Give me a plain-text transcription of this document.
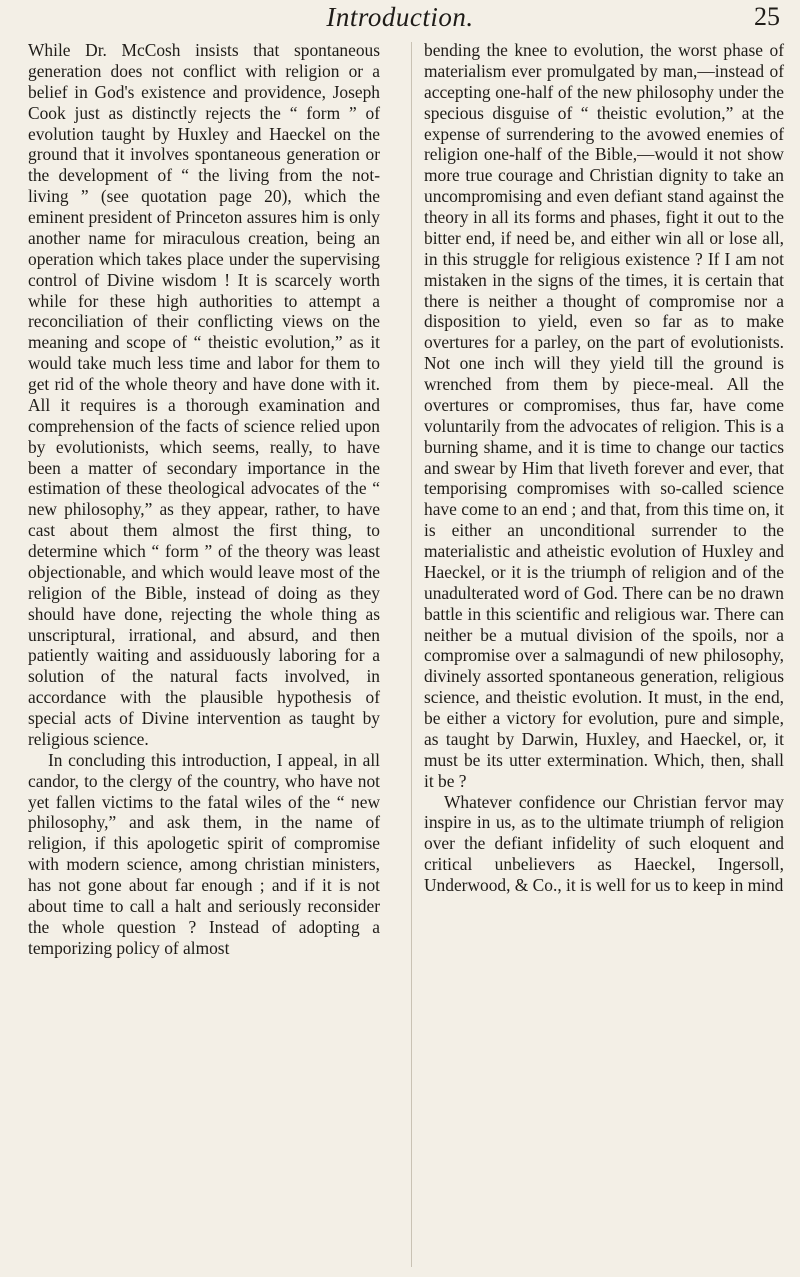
Introduction.	25

While Dr. McCosh insists that spontaneous generation does not conflict with religion or a belief in God's existence and providence, Joseph Cook just as distinctly rejects the “ form ” of evolution taught by Huxley and Haeckel on the ground that it involves spontaneous generation or the development of “ the living from the not-living ” (see quotation page 20), which the eminent president of Princeton assures him is only another name for miraculous creation, being an operation which takes place under the supervising control of Divine wisdom ! It is scarcely worth while for these high authorities to attempt a reconciliation of their conflicting views on the meaning and scope of “ theistic evolution,” as it would take much less time and labor for them to get rid of the whole theory and have done with it. All it requires is a thorough examination and comprehension of the facts of science relied upon by evolutionists, which seems, really, to have been a matter of secondary importance in the estimation of these theological advocates of the “ new philosophy,” as they appear, rather, to have cast about them almost the first thing, to determine which “ form ” of the theory was least objectionable, and which would leave most of the religion of the Bible, instead of doing as they should have done, rejecting the whole thing as unscriptural, irrational, and absurd, and then patiently waiting and assiduously laboring for a solution of the natural facts involved, in accordance with the plausible hypothesis of special acts of Divine intervention as taught by religious science.

In concluding this introduction, I appeal, in all candor, to the clergy of the country, who have not yet fallen victims to the fatal wiles of the “ new philosophy,” and ask them, in the name of religion, if this apologetic spirit of compromise with modern science, among christian ministers, has not gone about far enough ; and if it is not about time to call a halt and seriously reconsider the whole question ? Instead of adopting a temporizing policy of almost

bending the knee to evolution, the worst phase of materialism ever promulgated by man,—instead of accepting one-half of the new philosophy under the specious disguise of “ theistic evolution,” at the expense of surrendering to the avowed enemies of religion one-half of the Bible,—would it not show more true courage and Christian dignity to take an uncompromising and even defiant stand against the theory in all its forms and phases, fight it out to the bitter end, if need be, and either win all or lose all, in this struggle for religious existence ? If I am not mistaken in the signs of the times, it is certain that there is neither a thought of compromise nor a disposition to yield, even so far as to make overtures for a parley, on the part of evolutionists. Not one inch will they yield till the ground is wrenched from them by piece-meal. All the overtures or compromises, thus far, have come voluntarily from the advocates of religion. This is a burning shame, and it is time to change our tactics and swear by Him that liveth forever and ever, that temporising compromises with so-called science have come to an end ; and that, from this time on, it is either an unconditional surrender to the materialistic and atheistic evolution of Huxley and Haeckel, or it is the triumph of religion and of the unadulterated word of God. There can be no drawn battle in this scientific and religious war. There can neither be a mutual division of the spoils, nor a compromise over a salmagundi of new philosophy, divinely assorted spontaneous generation, religious science, and theistic evolution. It must, in the end, be either a victory for evolution, pure and simple, as taught by Darwin, Huxley, and Haeckel, or, it must be its utter extermination. Which, then, shall it be ?

Whatever confidence our Christian fervor may inspire in us, as to the ultimate triumph of religion over the defiant infidelity of such eloquent and critical unbelievers as Haeckel, Ingersoll, Underwood, & Co., it is well for us to keep in mind
